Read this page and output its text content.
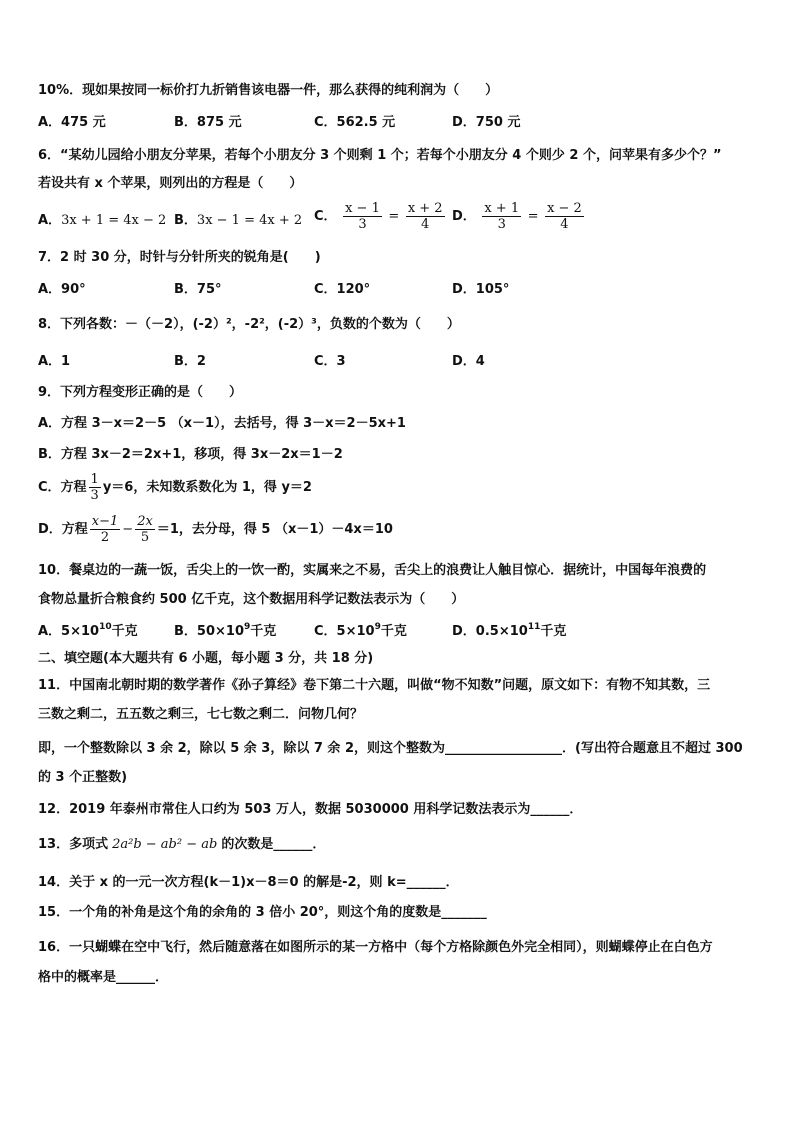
10%．现如果按同一标价打九折销售该电器一件，那么获得的纯利润为（　　）
A．475 元	B．875 元	C．562.5 元	D．750 元
6．“某幼儿园给小朋友分苹果，若每个小朋友分 3 个则剩 1 个；若每个小朋友分 4 个则少 2 个，问苹果有多少个？”
若设共有 x 个苹果，则列出的方程是（　　）
A．3x + 1 = 4x − 2 B．3x − 1 = 4x + 2 C． $\frac{x - 1}{3} = \frac{x + 2}{4}$ D． $\frac{x + 1}{3} = \frac{x - 2}{4}$
7．2 时 30 分，时针与分针所夹的锐角是(　　)
A．90°	B．75°	C．120°	D．105°
8．下列各数：－（－2），(-2）²，-2²，(-2）³，负数的个数为（　　）
A．1	B．2	C．3	D．4
9．下列方程变形正确的是（　　）
A．方程 3－x＝2－5 （x－1），去括号，得 3－x＝2－5x+1
B．方程 3x－2＝2x+1，移项，得 3x－2x＝1－2
C．方程 $\frac{1}{3} y=6$，未知数系数化为 1，得 y＝2
D．方程 $\frac{x-1}{2} - \frac{2x}{5} =1$，去分母，得 5 （x－1）－4x＝10
10．餐桌边的一蔬一饭，舌尖上的一饮一酌，实属来之不易，舌尖上的浪费让人触目惊心．据统计，中国每年浪费的
食物总量折合粮食约 500 亿千克，这个数据用科学记数法表示为（　　）
A．$5\times 10^{10}$千克	B．$50\times 10^9$千克	C．$5\times 10^9$千克	D．$0.5\times 10^{11}$千克
二、填空题(本大题共有 6 小题，每小题 3 分，共 18 分)
11．中国南北朝时期的数学著作《孙子算经》卷下第二十六题，叫做“物不知数”问题，原文如下：有物不知其数，三
三数之剩二，五五数之剩三，七七数之剩二．问物几何？
即，一个整数除以 3 余 2，除以 5 余 3，除以 7 余 2，则这个整数为__________________．(写出符合题意且不超过 300
的 3 个正整数)
12．2019 年泰州市常住人口约为 503 万人，数据 5030000 用科学记数法表示为______．
13．多项式 2a²b − ab² − ab 的次数是______．
14．关于 x 的一元一次方程(k－1)x－8＝0 的解是-2，则 k=______．
15．一个角的补角是这个角的余角的 3 倍小 20°，则这个角的度数是_______
16．一只蝴蝶在空中飞行，然后随意落在如图所示的某一方格中（每个方格除颜色外完全相同），则蝴蝶停止在白色方
格中的概率是______．
